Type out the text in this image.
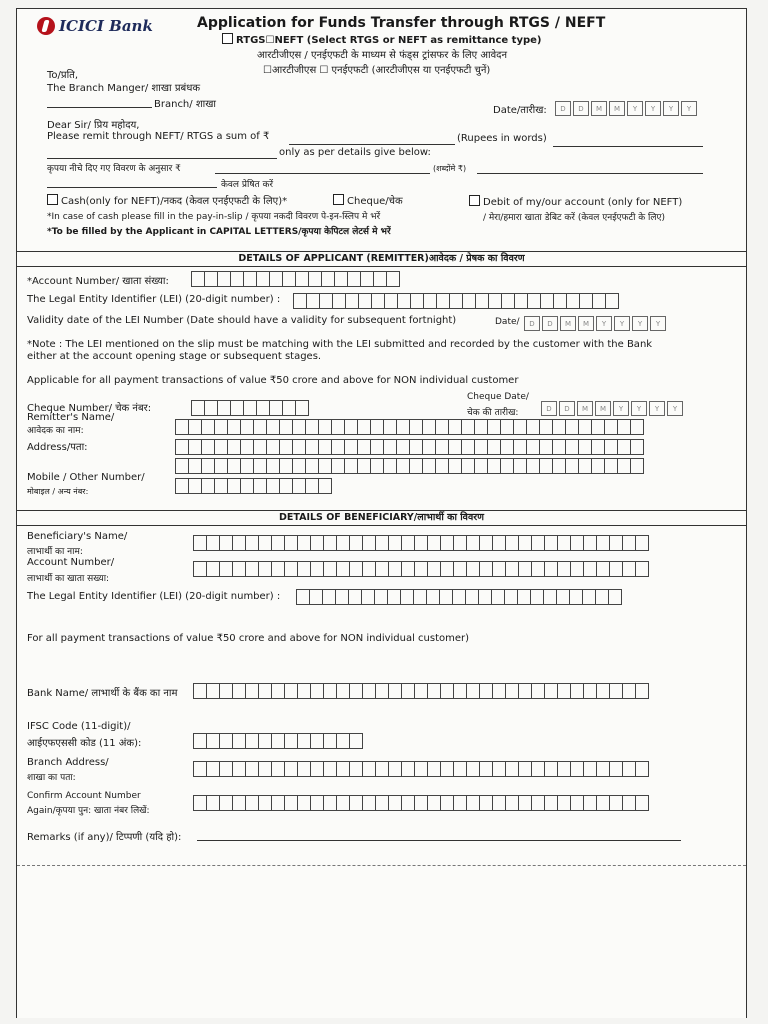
ICICI Bank	Application for Funds Transfer through RTGS / NEFT
RTGS☐NEFT (Select RTGS or NEFT as remittance type)
आरटीजीएस / एनईएफटी के माध्यम से फंड्स ट्रांसफर के लिए आवेदन
☐आरटीजीएस ☐ एनईएफटी (आरटीजीएस या एनईएफटी चुनें)
To/प्रति,
The Branch Manger/ शाखा प्रबंधक
Branch/ शाखा
Date/तारीख:	D	D	M	M	Y	Y	Y	Y
Dear Sir/ प्रिय महोदय,
Please remit through NEFT/ RTGS a sum of ₹	(Rupees in words)
only as per details give below:
कृपया नीचे दिए गए विवरण के अनुसार ₹	(शब्दोंमे ₹)
केवल प्रेषित करें
Cash(only for NEFT)/नकद (केवल एनईएफटी के लिए)*	Cheque/चेक	Debit of my/our account (only for NEFT)
/ मेरा/हमारा खाता डेबिट करें (केवल एनईएफटी के लिए)
*In case of cash please fill in the pay-in-slip / कृपया नकदी विवरण पे-इन-स्लिप मे भरें
*To be filled by the Applicant in CAPITAL LETTERS/कृपया केपिटल लेटर्स मे भरें
DETAILS OF APPLICANT (REMITTER)आवेदक / प्रेषक का विवरण
*Account Number/ खाता संख्या:
The Legal Entity Identifier (LEI) (20-digit number) :
Validity date of the LEI Number (Date should have a validity for subsequent fortnight)	Date/	D	D	M	M	Y	Y	Y	Y
*Note : The LEI mentioned on the slip must be matching with the LEI submitted and recorded by the customer with the Bank
either at the account opening stage or subsequent stages.
Applicable for all payment transactions of value ₹50 crore and above for NON individual customer
Cheque Number/ चेक नंबर:
Cheque Date/
चेक की तारीख:	D	D	M	M	Y	Y	Y	Y
Remitter's Name/
आवेदक का नाम:
Address/पता:
Mobile / Other Number/
मोबाइल / अन्य नंबर:
DETAILS OF BENEFICIARY/लाभार्थी का विवरण
Beneficiary's Name/
लाभार्थी का नाम:
Account Number/
लाभार्थी का खाता सख्या:
The Legal Entity Identifier (LEI) (20-digit number) :
For all payment transactions of value ₹50 crore and above for NON individual customer)
Bank Name/ लाभार्थी के बैंक का नाम
IFSC Code (11-digit)/
आईएफएससी कोड (11 अंक):
Branch Address/
शाखा का पता:
Confirm Account Number
Again/कृपया पुन: खाता नंबर लिखें:
Remarks (if any)/ टिप्पणी (यदि हो):
